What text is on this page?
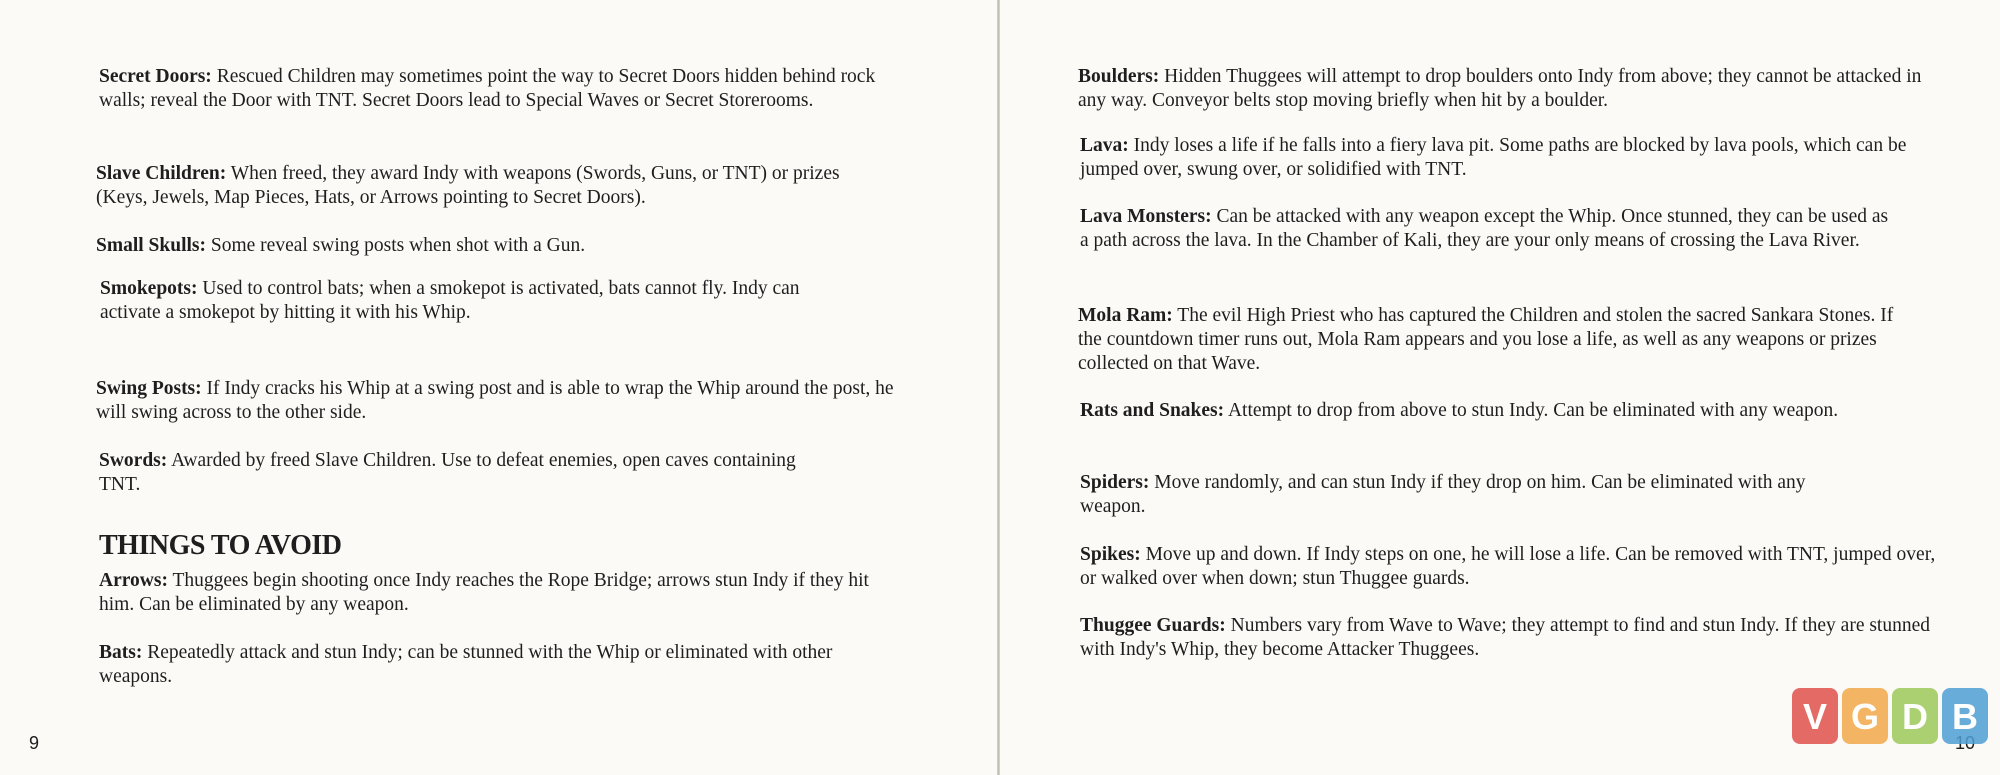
Secret Doors: Rescued Children may sometimes point the way to Secret Doors hidden behind rock walls; reveal the Door with TNT. Secret Doors lead to Special Waves or Secret Storerooms.
Slave Children: When freed, they award Indy with weapons (Swords, Guns, or TNT) or prizes (Keys, Jewels, Map Pieces, Hats, or Arrows pointing to Secret Doors).
Small Skulls: Some reveal swing posts when shot with a Gun.
Smokepots: Used to control bats; when a smokepot is activated, bats cannot fly. Indy can activate a smokepot by hitting it with his Whip.
Swing Posts: If Indy cracks his Whip at a swing post and is able to wrap the Whip around the post, he will swing across to the other side.
Swords: Awarded by freed Slave Children. Use to defeat enemies, open caves containing TNT.
THINGS TO AVOID
Arrows: Thuggees begin shooting once Indy reaches the Rope Bridge; arrows stun Indy if they hit him. Can be eliminated by any weapon.
Bats: Repeatedly attack and stun Indy; can be stunned with the Whip or eliminated with other weapons.
9
Boulders: Hidden Thuggees will attempt to drop boulders onto Indy from above; they cannot be attacked in any way. Conveyor belts stop moving briefly when hit by a boulder.
Lava: Indy loses a life if he falls into a fiery lava pit. Some paths are blocked by lava pools, which can be jumped over, swung over, or solidified with TNT.
Lava Monsters: Can be attacked with any weapon except the Whip. Once stunned, they can be used as a path across the lava. In the Chamber of Kali, they are your only means of crossing the Lava River.
Mola Ram: The evil High Priest who has captured the Children and stolen the sacred Sankara Stones. If the countdown timer runs out, Mola Ram appears and you lose a life, as well as any weapons or prizes collected on that Wave.
Rats and Snakes: Attempt to drop from above to stun Indy. Can be eliminated with any weapon.
Spiders: Move randomly, and can stun Indy if they drop on him. Can be eliminated with any weapon.
Spikes: Move up and down. If Indy steps on one, he will lose a life. Can be removed with TNT, jumped over, or walked over when down; stun Thuggee guards.
Thuggee Guards: Numbers vary from Wave to Wave; they attempt to find and stun Indy. If they are stunned with Indy's Whip, they become Attacker Thuggees.
V G D B
